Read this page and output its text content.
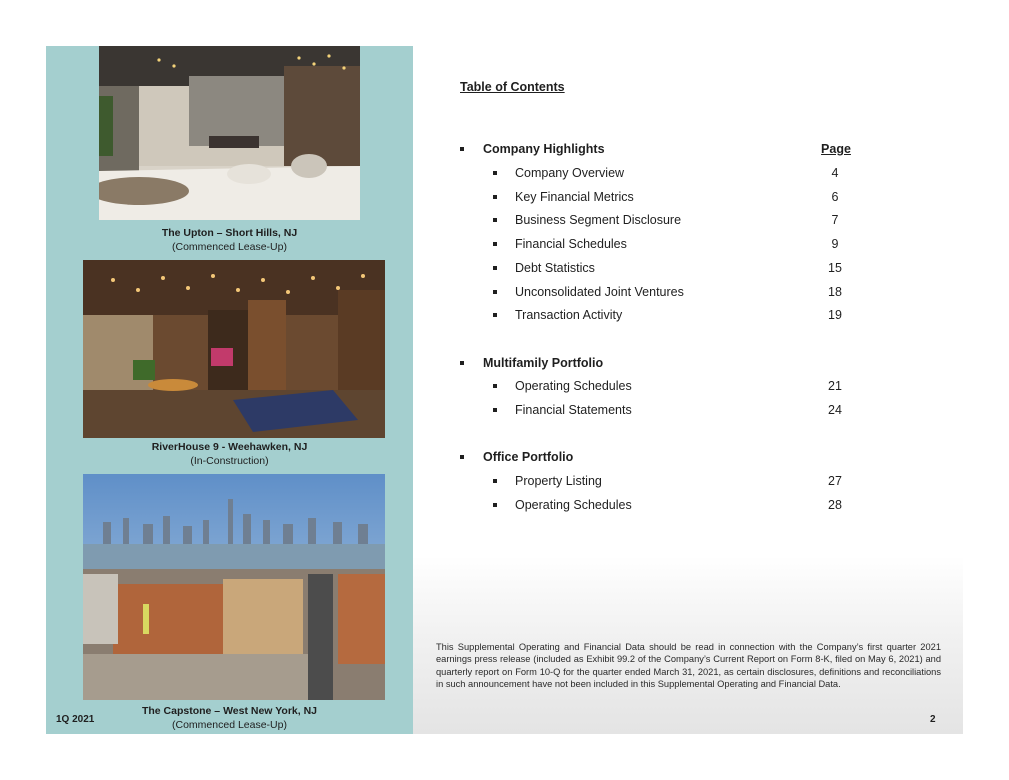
The Upton – Short Hills, NJ
(Commenced Lease-Up)
RiverHouse 9 - Weehawken, NJ
(In-Construction)
The Capstone – West New York, NJ
(Commenced Lease-Up)
1Q 2021
Table of Contents
Company Highlights	Page
Company Overview	4
Key Financial Metrics	6
Business Segment Disclosure	7
Financial Schedules	9
Debt Statistics	15
Unconsolidated Joint Ventures	18
Transaction Activity	19
Multifamily Portfolio
Operating Schedules	21
Financial Statements	24
Office Portfolio
Property Listing	27
Operating Schedules	28
This Supplemental Operating and Financial Data should be read in connection with the Company’s first quarter 2021 earnings press release (included as Exhibit 99.2 of the Company’s Current Report on Form 8-K, filed on May 6, 2021) and quarterly report on Form 10-Q for the quarter ended March 31, 2021, as certain disclosures, definitions and reconciliations in such announcement have not been included in this Supplemental Operating and Financial Data.
2
